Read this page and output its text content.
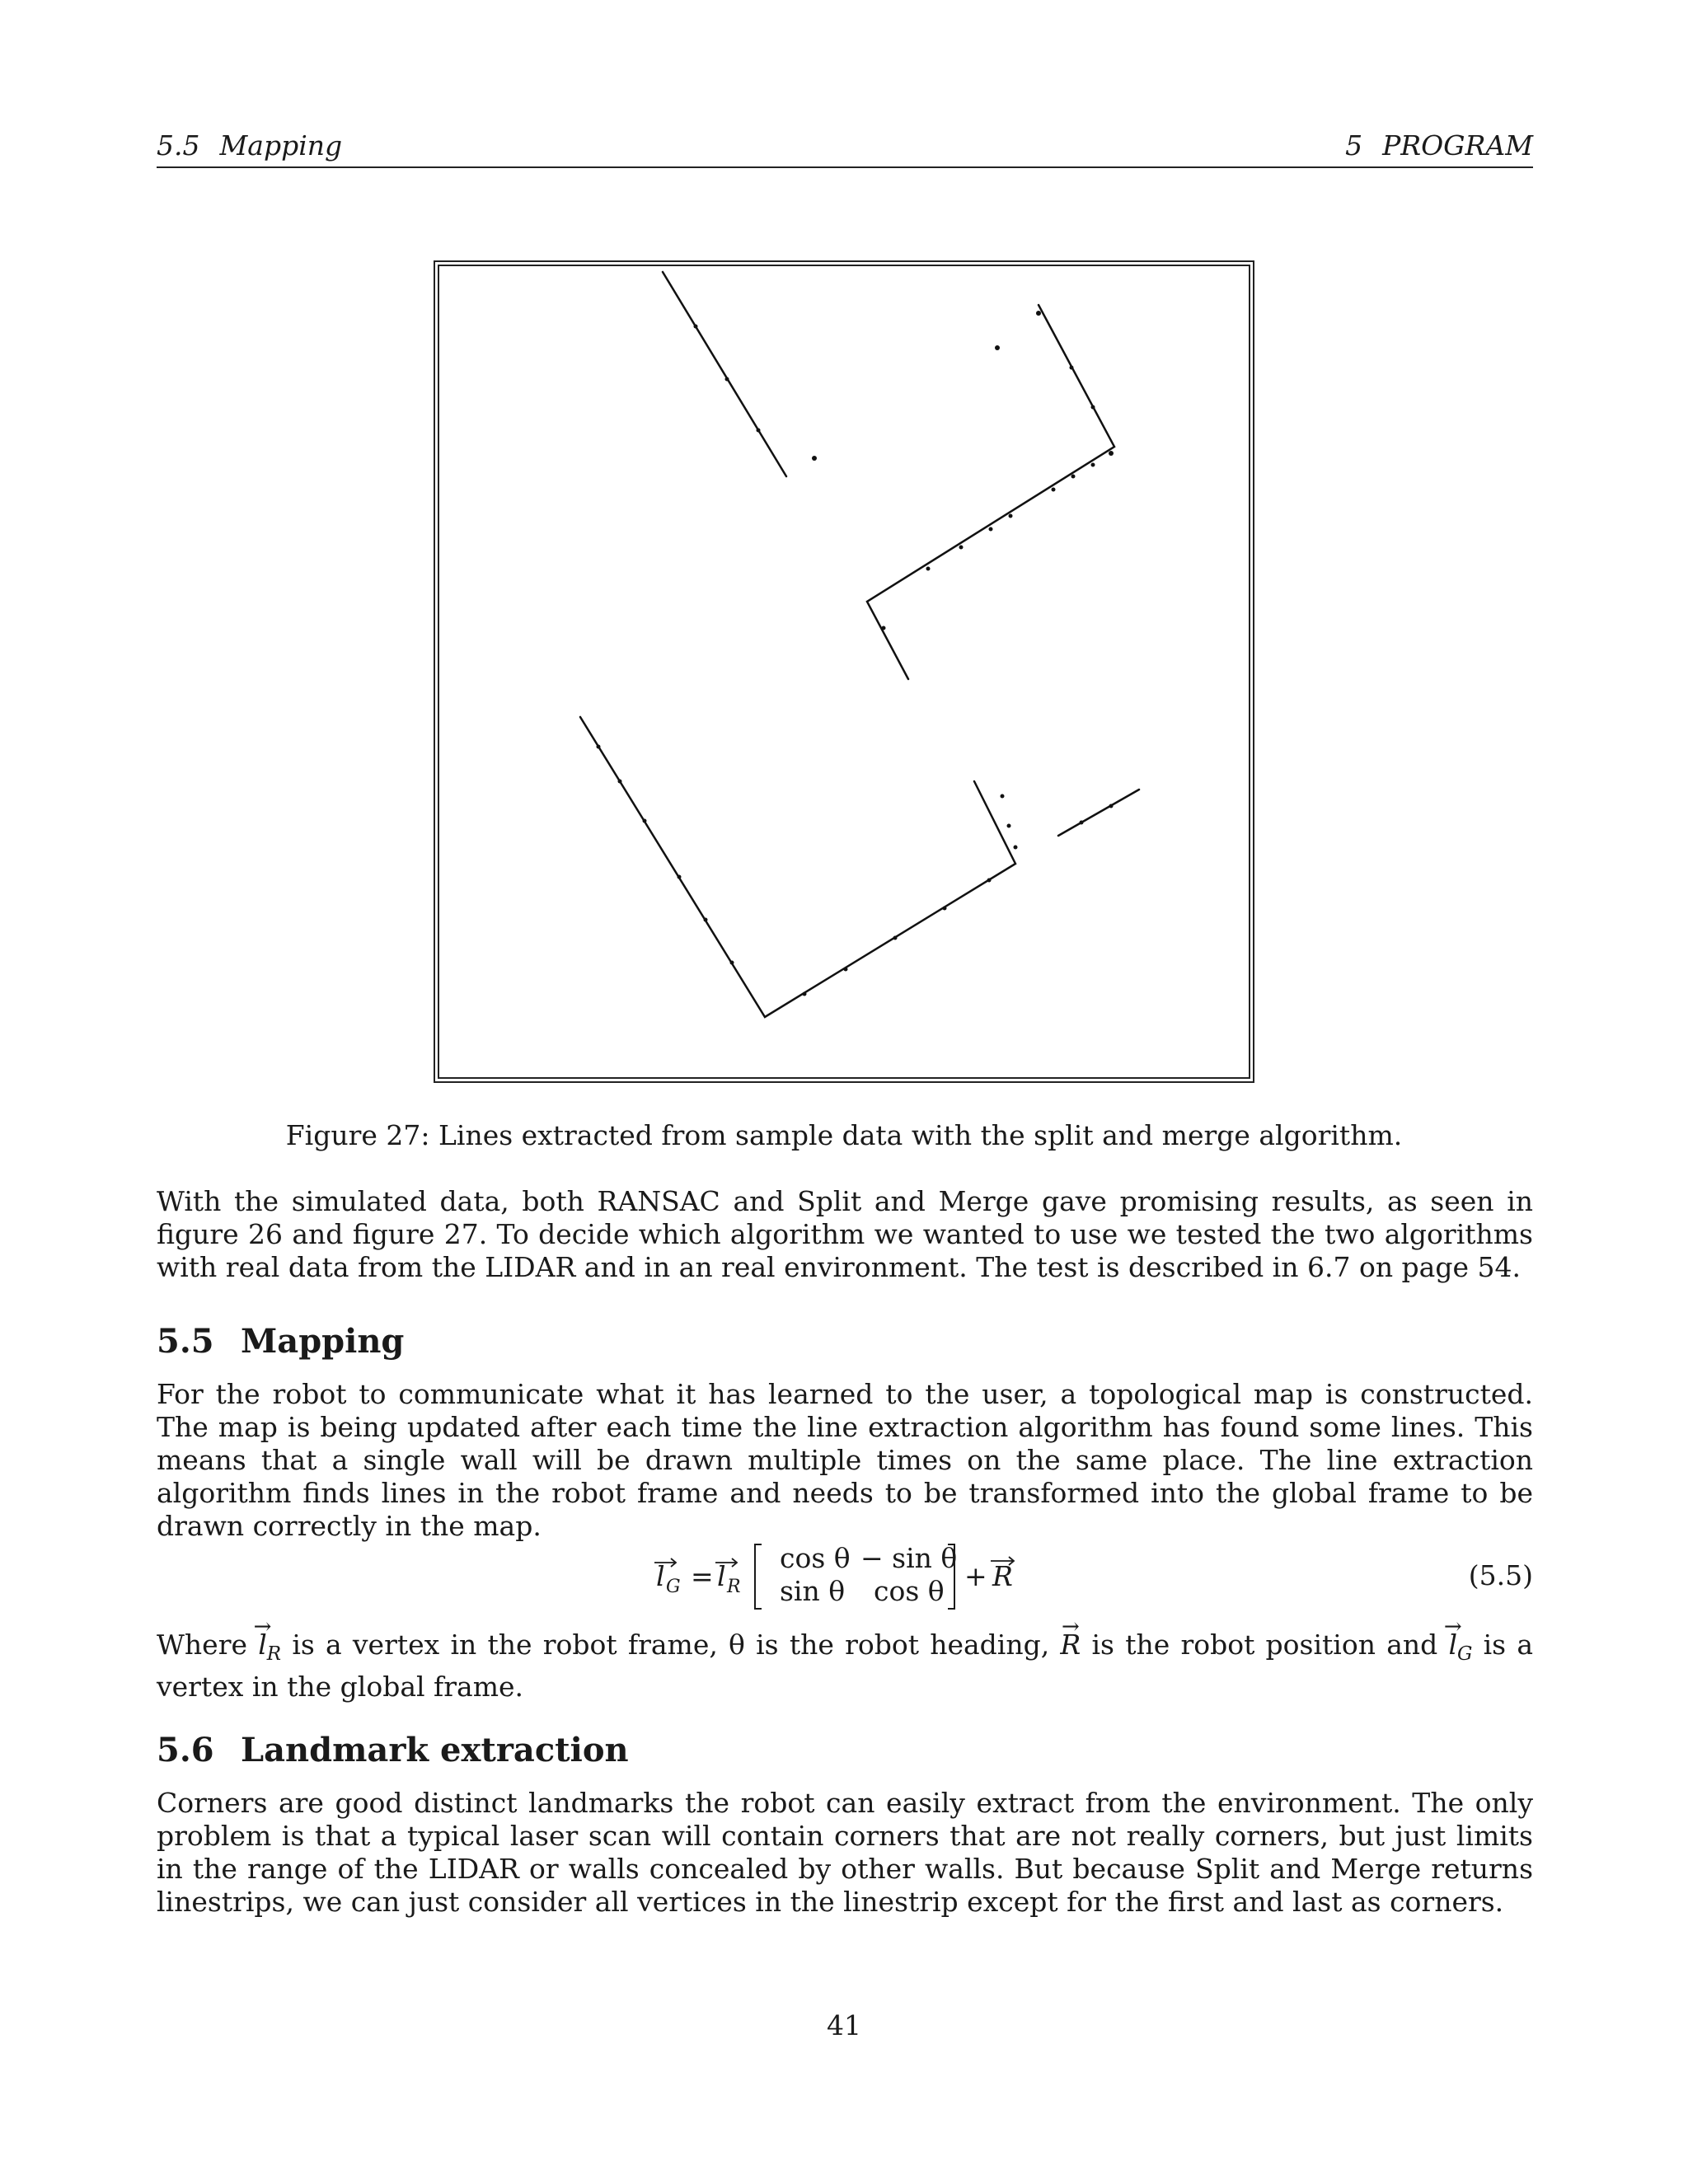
5.5 Mapping	5 PROGRAM
Figure 27: Lines extracted from sample data with the split and merge algorithm.
With the simulated data, both RANSAC and Split and Merge gave promising results, as seen in figure 26 and figure 27. To decide which algorithm we wanted to use we tested the two algorithms with real data from the LIDAR and in an real environment. The test is described in 6.7 on page 54.
5.5 Mapping
For the robot to communicate what it has learned to the user, a topological map is constructed. The map is being updated after each time the line extraction algorithm has found some lines. This means that a single wall will be drawn multiple times on the same place. The line extraction algorithm finds lines in the robot frame and needs to be transformed into the global frame to be drawn correctly in the map.
l G = l R
cos θ − sin θ
sin θ cos θ + R	(5.5)
Where → $l_R$ is a vertex in the robot frame, θ is the robot heading, → R is the robot position and → $l_G$ is a vertex in the global frame.
5.6 Landmark extraction
Corners are good distinct landmarks the robot can easily extract from the environment. The only problem is that a typical laser scan will contain corners that are not really corners, but just limits in the range of the LIDAR or walls concealed by other walls. But because Split and Merge returns linestrips, we can just consider all vertices in the linestrip except for the first and last as corners.
41
